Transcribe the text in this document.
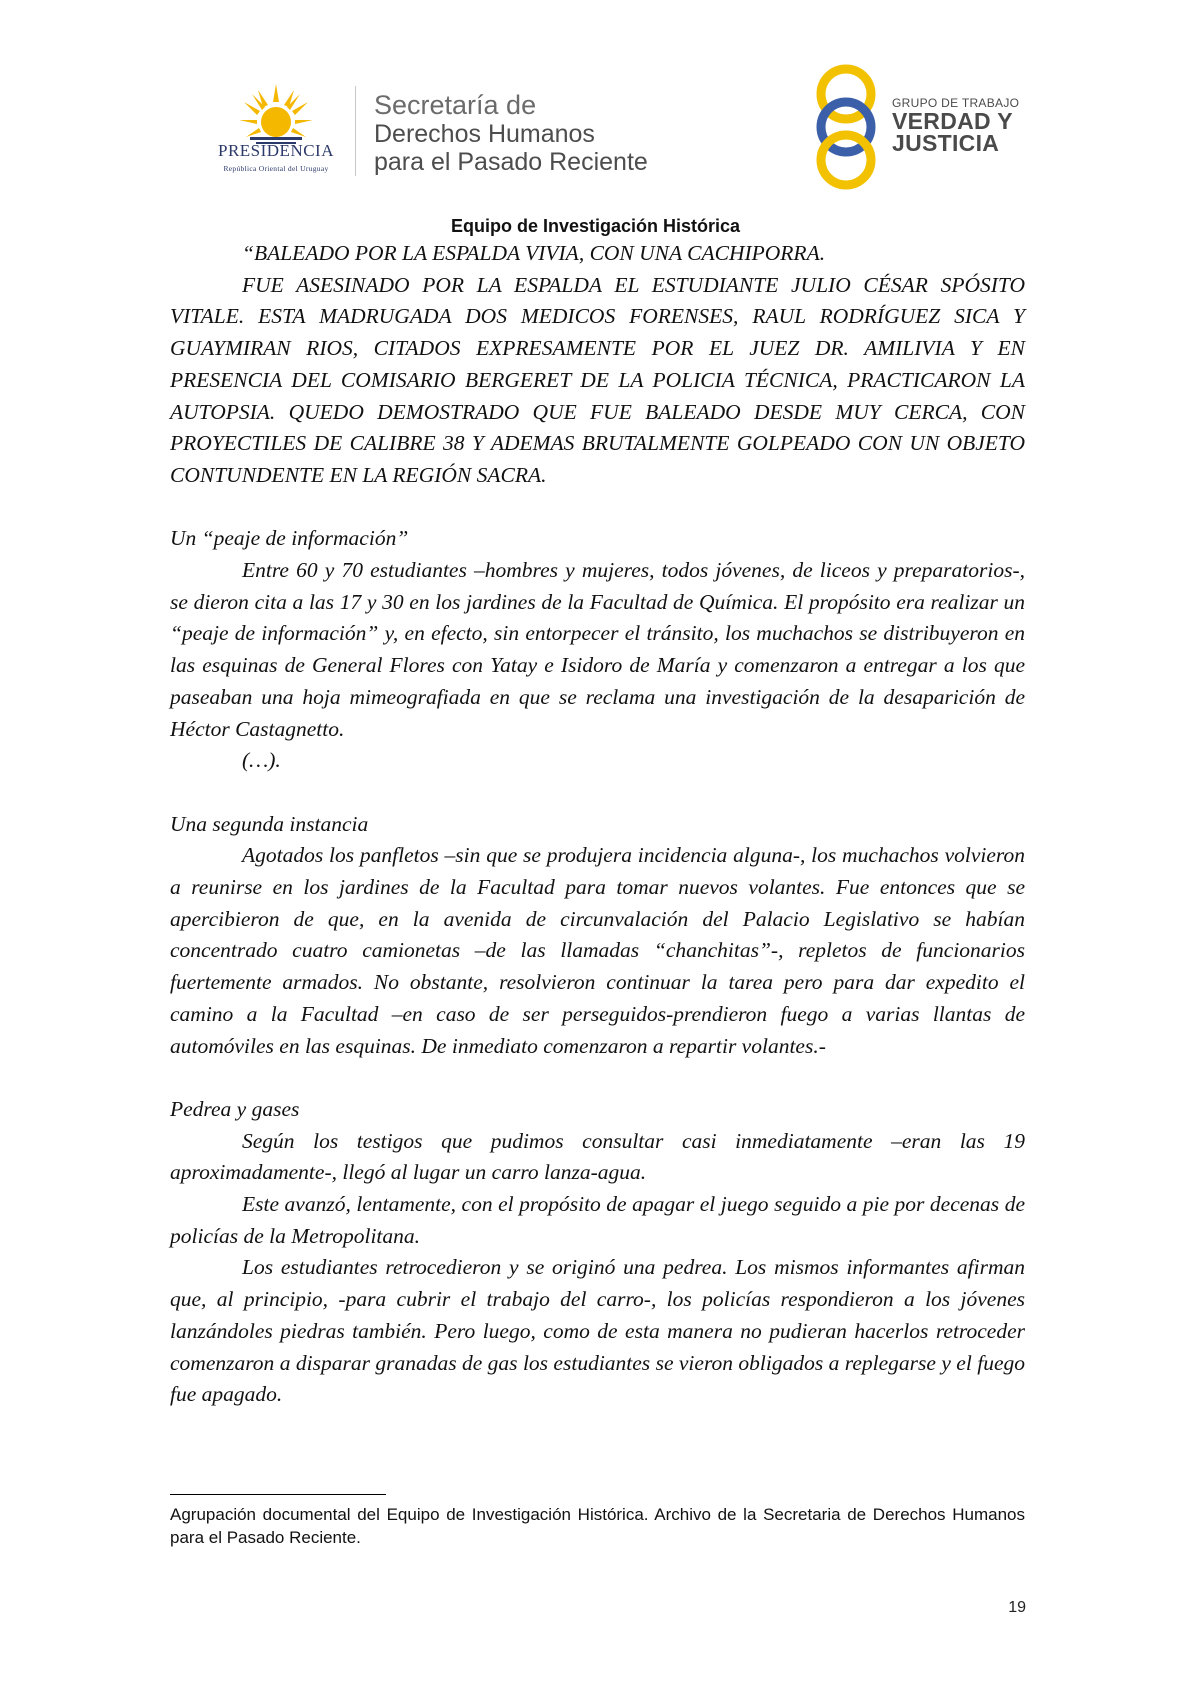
PRESIDENCIA
República Oriental del Uruguay
Secretaría de
Derechos Humanos
para el Pasado Reciente
GRUPO DE TRABAJO
VERDAD Y
JUSTICIA
Equipo de Investigación Histórica

“BALEADO POR LA ESPALDA VIVIA, CON UNA CACHIPORRA.

FUE ASESINADO POR LA ESPALDA EL ESTUDIANTE JULIO CÉSAR SPÓSITO VITALE. ESTA MADRUGADA DOS MEDICOS FORENSES, RAUL RODRÍGUEZ SICA Y GUAYMIRAN RIOS, CITADOS EXPRESAMENTE POR EL JUEZ DR. AMILIVIA Y EN PRESENCIA DEL COMISARIO BERGERET DE LA POLICIA TÉCNICA, PRACTICARON LA AUTOPSIA. QUEDO DEMOSTRADO QUE FUE BALEADO DESDE MUY CERCA, CON PROYECTILES DE CALIBRE 38 Y ADEMAS BRUTALMENTE GOLPEADO CON UN OBJETO CONTUNDENTE EN LA REGIÓN SACRA.

Un “peaje de información”

Entre 60 y 70 estudiantes –hombres y mujeres, todos jóvenes, de liceos y preparatorios-, se dieron cita a las 17 y 30 en los jardines de la Facultad de Química. El propósito era realizar un “peaje de información” y, en efecto, sin entorpecer el tránsito, los muchachos se distribuyeron en las esquinas de General Flores con Yatay e Isidoro de María y comenzaron a entregar a los que paseaban una hoja mimeografiada en que se reclama una investigación de la desaparición de Héctor Castagnetto.

(…).

Una segunda instancia

Agotados los panfletos –sin que se produjera incidencia alguna-, los muchachos volvieron a reunirse en los jardines de la Facultad para tomar nuevos volantes. Fue entonces que se apercibieron de que, en la avenida de circunvalación del Palacio Legislativo se habían concentrado cuatro camionetas –de las llamadas “chanchitas”-, repletos de funcionarios fuertemente armados. No obstante, resolvieron continuar la tarea pero para dar expedito el camino a la Facultad –en caso de ser perseguidos-prendieron fuego a varias llantas de automóviles en las esquinas. De inmediato comenzaron a repartir volantes.-

Pedrea y gases

Según los testigos que pudimos consultar casi inmediatamente –eran las 19 aproximadamente-, llegó al lugar un carro lanza-agua.

Este avanzó, lentamente, con el propósito de apagar el juego seguido a pie por decenas de policías de la Metropolitana.

Los estudiantes retrocedieron y se originó una pedrea. Los mismos informantes afirman que, al principio, -para cubrir el trabajo del carro-, los policías respondieron a los jóvenes lanzándoles piedras también. Pero luego, como de esta manera no pudieran hacerlos retroceder comenzaron a disparar granadas de gas los estudiantes se vieron obligados a replegarse y el fuego fue apagado.

Agrupación documental del Equipo de Investigación Histórica. Archivo de la Secretaria de Derechos Humanos para el Pasado Reciente.
19
